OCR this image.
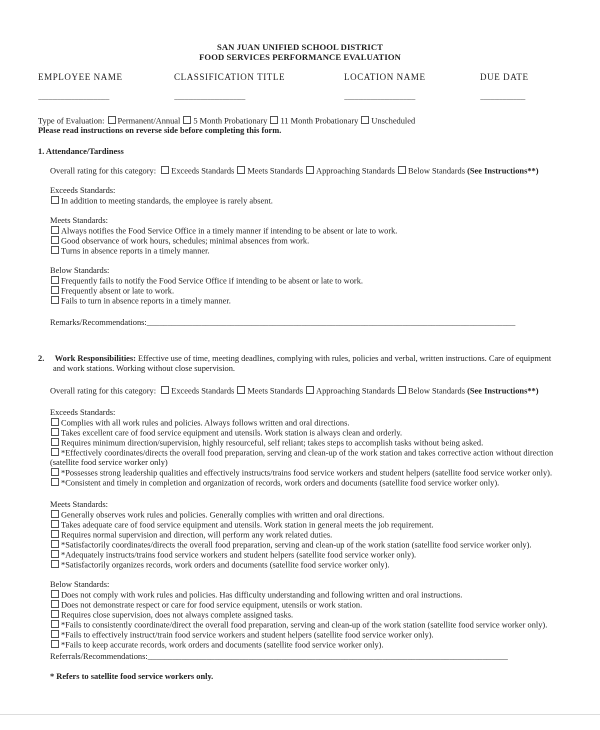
SAN JUAN UNIFIED SCHOOL DISTRICT
FOOD SERVICES PERFORMANCE EVALUATION
EMPLOYEE NAME	CLASSIFICATION TITLE	LOCATION NAME	DUE DATE
-----------------------------------------	-----------------------------------------	-----------------------------------------	--------------------------
Type of Evaluation: Permanent/Annual 5 Month Probationary 11 Month Probationary Unscheduled
Please read instructions on reverse side before completing this form.
1. Attendance/Tardiness
Overall rating for this category: Exceeds Standards Meets Standards Approaching Standards Below Standards (See Instructions**)
Exceeds Standards:
In addition to meeting standards, the employee is rarely absent.
Meets Standards:
Always notifies the Food Service Office in a timely manner if intending to be absent or late to work.
Good observance of work hours, schedules; minimal absences from work.
Turns in absence reports in a timely manner.
Below Standards:
Frequently fails to notify the Food Service Office if intending to be absent or late to work.
Frequently absent or late to work.
Fails to turn in absence reports in a timely manner.
Remarks/Recommendations:________________________________________________________________________________________
2. Work Responsibilities: Effective use of time, meeting deadlines, complying with rules, policies and verbal, written instructions. Care of equipment
and work stations. Working without close supervision.
Overall rating for this category: Exceeds Standards Meets Standards Approaching Standards Below Standards (See Instructions**)
Exceeds Standards:
Complies with all work rules and policies. Always follows written and oral directions.
Takes excellent care of food service equipment and utensils. Work station is always clean and orderly.
Requires minimum direction/supervision, highly resourceful, self reliant; takes steps to accomplish tasks without being asked.
*Effectively coordinates/directs the overall food preparation, serving and clean-up of the work station and takes corrective action without direction
(satellite food service worker only)
*Possesses strong leadership qualities and effectively instructs/trains food service workers and student helpers (satellite food service worker only).
*Consistent and timely in completion and organization of records, work orders and documents (satellite food service worker only).
Meets Standards:
Generally observes work rules and policies. Generally complies with written and oral directions.
Takes adequate care of food service equipment and utensils. Work station in general meets the job requirement.
Requires normal supervision and direction, will perform any work related duties.
*Satisfactorily coordinates/directs the overall food preparation, serving and clean-up of the work station (satellite food service worker only).
*Adequately instructs/trains food service workers and student helpers (satellite food service worker only).
*Satisfactorily organizes records, work orders and documents (satellite food service worker only).
Below Standards:
Does not comply with work rules and policies. Has difficulty understanding and following written and oral instructions.
Does not demonstrate respect or care for food service equipment, utensils or work station.
Requires close supervision, does not always complete assigned tasks.
*Fails to consistently coordinate/direct the overall food preparation, serving and clean-up of the work station (satellite food service worker only).
*Fails to effectively instruct/train food service workers and student helpers (satellite food service worker only).
*Fails to keep accurate records, work orders and documents (satellite food service worker only).
Referrals/Recommendations:______________________________________________________________________________________
* Refers to satellite food service workers only.
